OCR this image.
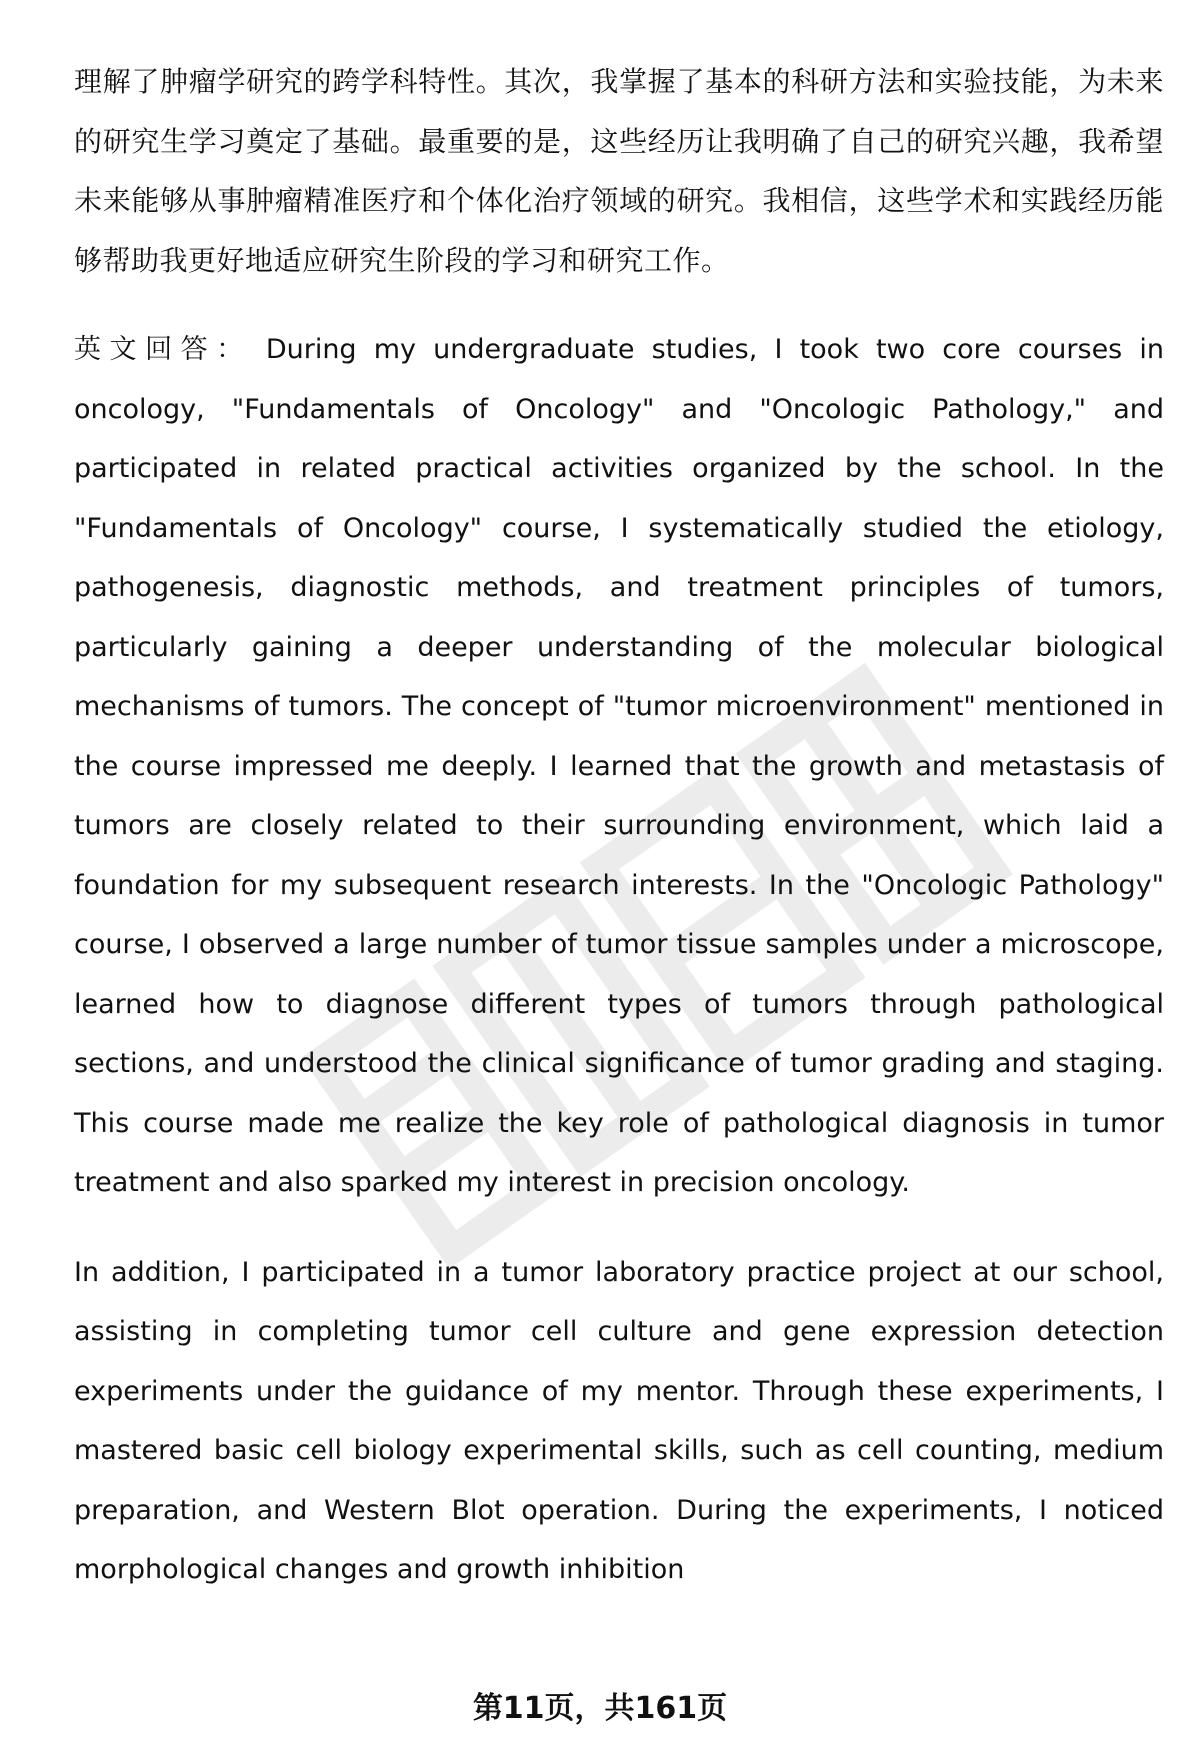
理解了肿瘤学研究的跨学科特性。其次，我掌握了基本的科研方法和实验技能，为未来的研究生学习奠定了基础。最重要的是，这些经历让我明确了自己的研究兴趣，我希望未来能够从事肿瘤精准医疗和个体化治疗领域的研究。我相信，这些学术和实践经历能够帮助我更好地适应研究生阶段的学习和研究工作。

英文回答： During my undergraduate studies, I took two core courses in oncology, "Fundamentals of Oncology" and "Oncologic Pathology," and participated in related practical activities organized by the school. In the "Fundamentals of Oncology" course, I systematically studied the etiology, pathogenesis, diagnostic methods, and treatment principles of tumors, particularly gaining a deeper understanding of the molecular biological mechanisms of tumors. The concept of "tumor microenvironment" mentioned in the course impressed me deeply. I learned that the growth and metastasis of tumors are closely related to their surrounding environment, which laid a foundation for my subsequent research interests. In the "Oncologic Pathology" course, I observed a large number of tumor tissue samples under a microscope, learned how to diagnose different types of tumors through pathological sections, and understood the clinical significance of tumor grading and staging. This course made me realize the key role of pathological diagnosis in tumor treatment and also sparked my interest in precision oncology.

In addition, I participated in a tumor laboratory practice project at our school, assisting in completing tumor cell culture and gene expression detection experiments under the guidance of my mentor. Through these experiments, I mastered basic cell biology experimental skills, such as cell counting, medium preparation, and Western Blot operation. During the experiments, I noticed morphological changes and growth inhibition

第11页，共161页
